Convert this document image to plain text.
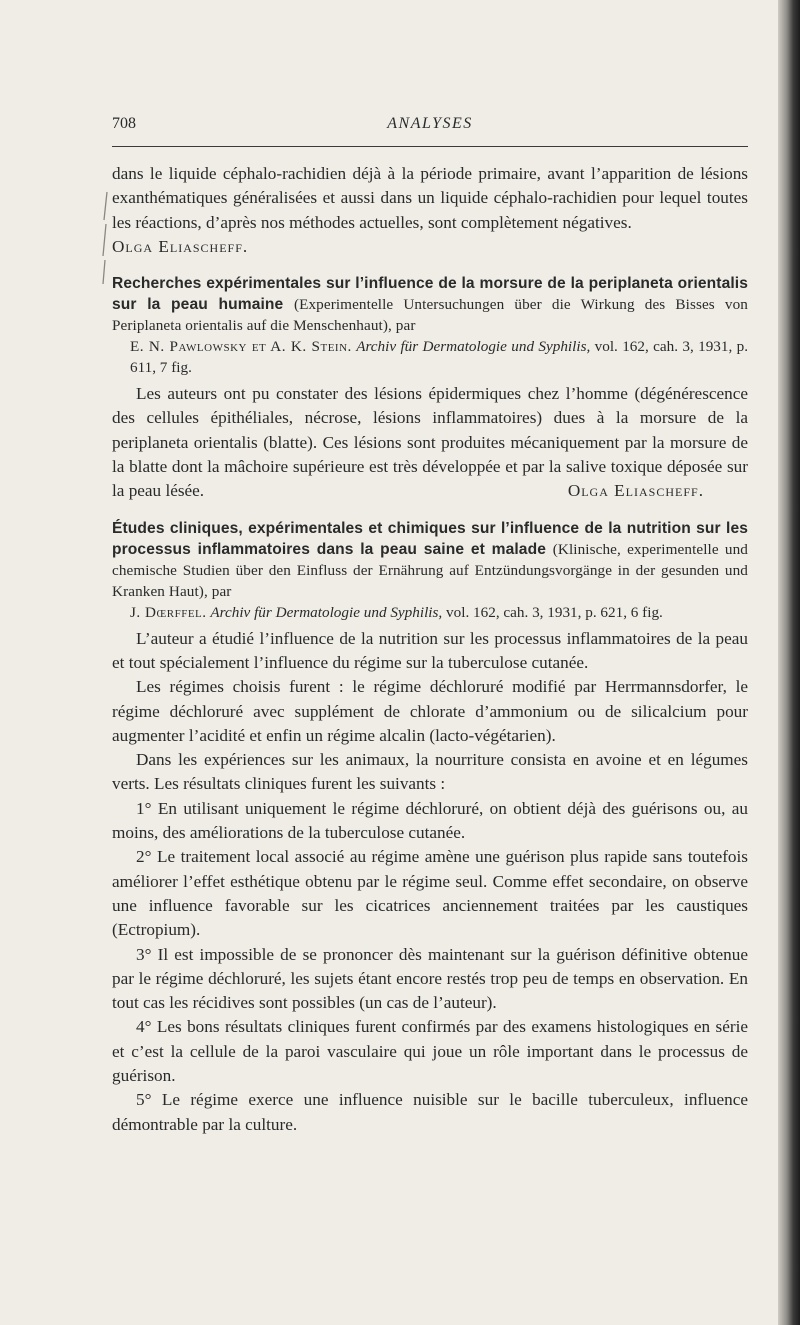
708	ANALYSES

dans le liquide céphalo-rachidien déjà à la période primaire, avant l’apparition de lésions exanthématiques généralisées et aussi dans un liquide céphalo-rachidien pour lequel toutes les réactions, d’après nos méthodes actuelles, sont complètement négatives.

Olga Eliascheff.

Recherches expérimentales sur l’influence de la morsure de la periplaneta orientalis sur la peau humaine (Experimentelle Untersuchungen über die Wirkung des Bisses von Periplaneta orientalis auf die Menschenhaut), par
E. N. Pawlowsky et A. K. Stein. Archiv für Dermatologie und Syphilis, vol. 162, cah. 3, 1931, p. 611, 7 fig.

Les auteurs ont pu constater des lésions épidermiques chez l’homme (dégénérescence des cellules épithéliales, nécrose, lésions inflammatoires) dues à la morsure de la periplaneta orientalis (blatte). Ces lésions sont produites mécaniquement par la morsure de la blatte dont la mâchoire supérieure est très développée et par la salive toxique déposée sur la peau lésée.	Olga Eliascheff.

Études cliniques, expérimentales et chimiques sur l’influence de la nutrition sur les processus inflammatoires dans la peau saine et malade (Klinische, experimentelle und chemische Studien über den Einfluss der Ernährung auf Entzündungsvorgänge in der gesunden und Kranken Haut), par
J. Dœrffel. Archiv für Dermatologie und Syphilis, vol. 162, cah. 3, 1931, p. 621, 6 fig.

L’auteur a étudié l’influence de la nutrition sur les processus inflammatoires de la peau et tout spécialement l’influence du régime sur la tuberculose cutanée.

Les régimes choisis furent : le régime déchloruré modifié par Herrmannsdorfer, le régime déchloruré avec supplément de chlorate d’ammonium ou de silicalcium pour augmenter l’acidité et enfin un régime alcalin (lacto-végétarien).

Dans les expériences sur les animaux, la nourriture consista en avoine et en légumes verts. Les résultats cliniques furent les suivants :

1° En utilisant uniquement le régime déchloruré, on obtient déjà des guérisons ou, au moins, des améliorations de la tuberculose cutanée.

2° Le traitement local associé au régime amène une guérison plus rapide sans toutefois améliorer l’effet esthétique obtenu par le régime seul. Comme effet secondaire, on observe une influence favorable sur les cicatrices anciennement traitées par les caustiques (Ectropium).

3° Il est impossible de se prononcer dès maintenant sur la guérison définitive obtenue par le régime déchloruré, les sujets étant encore restés trop peu de temps en observation. En tout cas les récidives sont possibles (un cas de l’auteur).

4° Les bons résultats cliniques furent confirmés par des examens histologiques en série et c’est la cellule de la paroi vasculaire qui joue un rôle important dans le processus de guérison.

5° Le régime exerce une influence nuisible sur le bacille tuberculeux, influence démontrable par la culture.
